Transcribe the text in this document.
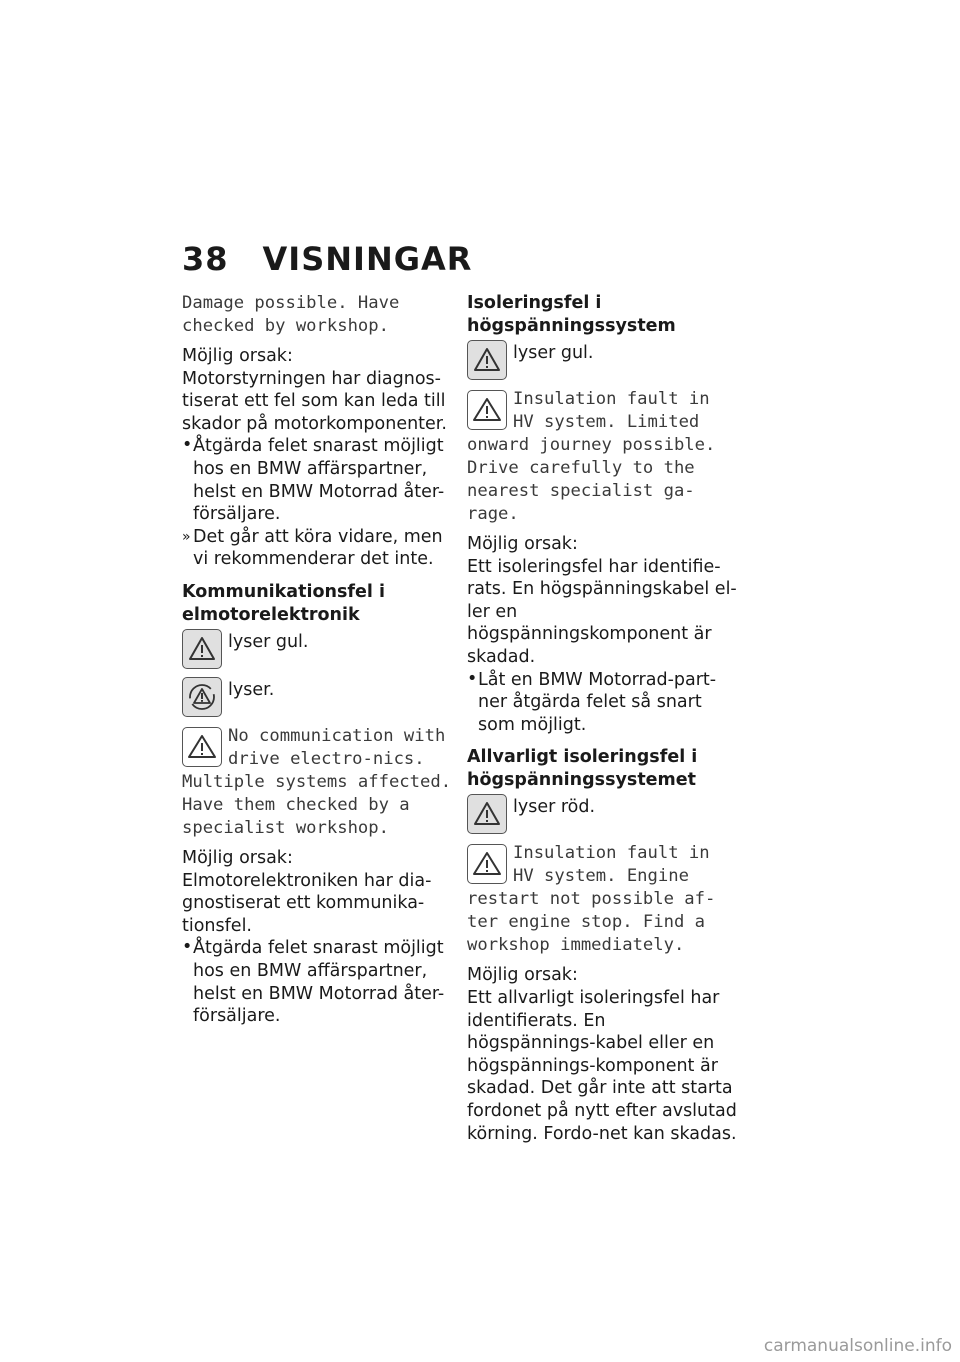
38 VISNINGAR

Damage possible. Have checked by workshop.

Möjlig orsak:

Motorstyrningen har diagnos-tiserat ett fel som kan leda till skador på motorkomponenter.

• Åtgärda felet snarast möjligt hos en BMW affärspartner, helst en BMW Motorrad åter-försäljare.

» Det går att köra vidare, men vi rekommenderar det inte.

Kommunikationsfel i elmotorelektronik

lyser gul.
lyser.

No communication with drive electro-nics. Multiple systems affected. Have them checked by a specialist workshop.

Möjlig orsak:

Elmotorelektroniken har dia-gnostiserat ett kommunika-tionsfel.

• Åtgärda felet snarast möjligt hos en BMW affärspartner, helst en BMW Motorrad åter-försäljare.

Isoleringsfel i högspänningssystem

lyser gul.

Insulation fault in HV system. Limited onward journey possible. Drive carefully to the nearest specialist ga-rage.

Möjlig orsak:

Ett isoleringsfel har identifie-rats. En högspänningskabel el-ler en högspänningskomponent är skadad.

• Låt en BMW Motorrad-part-ner åtgärda felet så snart som möjligt.

Allvarligt isoleringsfel i högspänningssystemet

lyser röd.

Insulation fault in HV system. Engine restart not possible af-ter engine stop. Find a workshop immediately.

Möjlig orsak:

Ett allvarligt isoleringsfel har identifierats. En högspännings-kabel eller en högspännings-komponent är skadad. Det går inte att starta fordonet på nytt efter avslutad körning. Fordo-net kan skadas.

carmanualsonline.info
